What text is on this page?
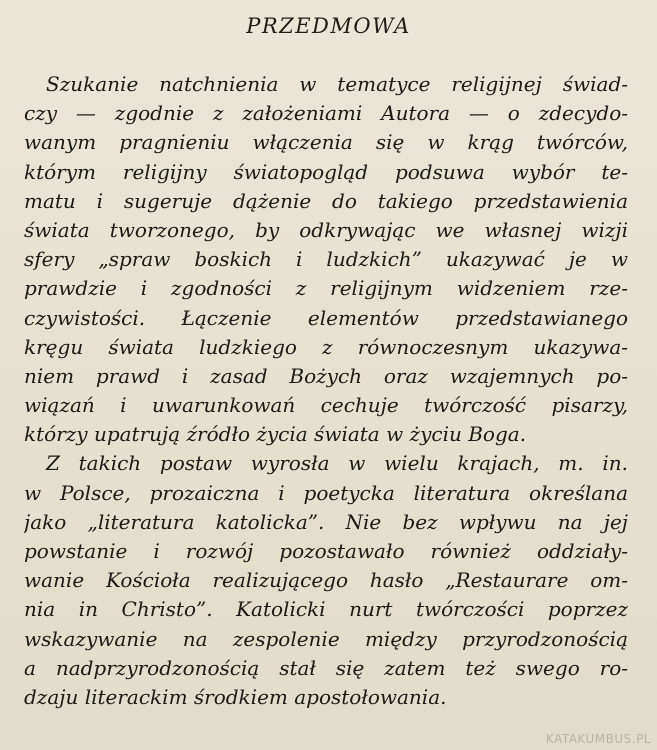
PRZEDMOWA
Szukanie natchnienia w tematyce religijnej świad-
czy — zgodnie z założeniami Autora — o zdecydo-
wanym pragnieniu włączenia się w krąg twórców,
którym religijny światopogląd podsuwa wybór te-
matu i sugeruje dążenie do takiego przedstawienia
świata tworzonego, by odkrywając we własnej wizji
sfery „spraw boskich i ludzkich” ukazywać je w
prawdzie i zgodności z religijnym widzeniem rze-
czywistości. Łączenie elementów przedstawianego
kręgu świata ludzkiego z równoczesnym ukazywa-
niem prawd i zasad Bożych oraz wzajemnych po-
wiązań i uwarunkowań cechuje twórczość pisarzy,
którzy upatrują źródło życia świata w życiu Boga.
Z takich postaw wyrosła w wielu krajach, m. in.
w Polsce, prozaiczna i poetycka literatura określana
jako „literatura katolicka”. Nie bez wpływu na jej
powstanie i rozwój pozostawało również oddziały-
wanie Kościoła realizującego hasło „Restaurare om-
nia in Christo”. Katolicki nurt twórczości poprzez
wskazywanie na zespolenie między przyrodzonością
a nadprzyrodzonością stał się zatem też swego ro-
dzaju literackim środkiem apostołowania.
KATAKUMBUS.PL
